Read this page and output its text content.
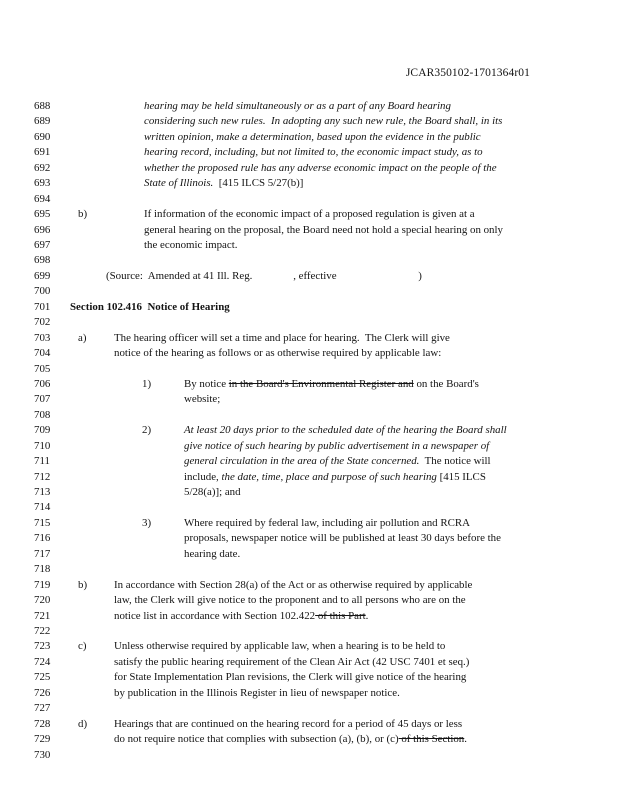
JCAR350102-1701364r01
688	hearing may be held simultaneously or as a part of any Board hearing
689	considering such new rules.  In adopting any such new rule, the Board shall, in its
690	written opinion, make a determination, based upon the evidence in the public
691	hearing record, including, but not limited to, the economic impact study, as to
692	whether the proposed rule has any adverse economic impact on the people of the
693	State of Illinois.  [415 ILCS 5/27(b)]
694
695	b)	If information of the economic impact of a proposed regulation is given at a
696	general hearing on the proposal, the Board need not hold a special hearing on only
697	the economic impact.
698
699	(Source:  Amended at 41 Ill. Reg.               , effective                              )
700
701	Section 102.416  Notice of Hearing
702
703	a)	The hearing officer will set a time and place for hearing.  The Clerk will give
704	notice of the hearing as follows or as otherwise required by applicable law:
705
706	1)	By notice in the Board's Environmental Register and on the Board's
707	website;
708
709	2)	At least 20 days prior to the scheduled date of the hearing the Board shall
710	give notice of such hearing by public advertisement in a newspaper of
711	general circulation in the area of the State concerned.  The notice will
712	include, the date, time, place and purpose of such hearing [415 ILCS
713	5/28(a)]; and
714
715	3)	Where required by federal law, including air pollution and RCRA
716	proposals, newspaper notice will be published at least 30 days before the
717	hearing date.
718
719	b) In accordance with Section 28(a) of the Act or as otherwise required by applicable
720	law, the Clerk will give notice to the proponent and to all persons who are on the
721	notice list in accordance with Section 102.422 of this Part.
722
723	c)	Unless otherwise required by applicable law, when a hearing is to be held to
724	satisfy the public hearing requirement of the Clean Air Act (42 USC 7401 et seq.)
725	for State Implementation Plan revisions, the Clerk will give notice of the hearing
726	by publication in the Illinois Register in lieu of newspaper notice.
727
728	d) Hearings that are continued on the hearing record for a period of 45 days or less
729	do not require notice that complies with subsection (a), (b), or (c) of this Section.
730
